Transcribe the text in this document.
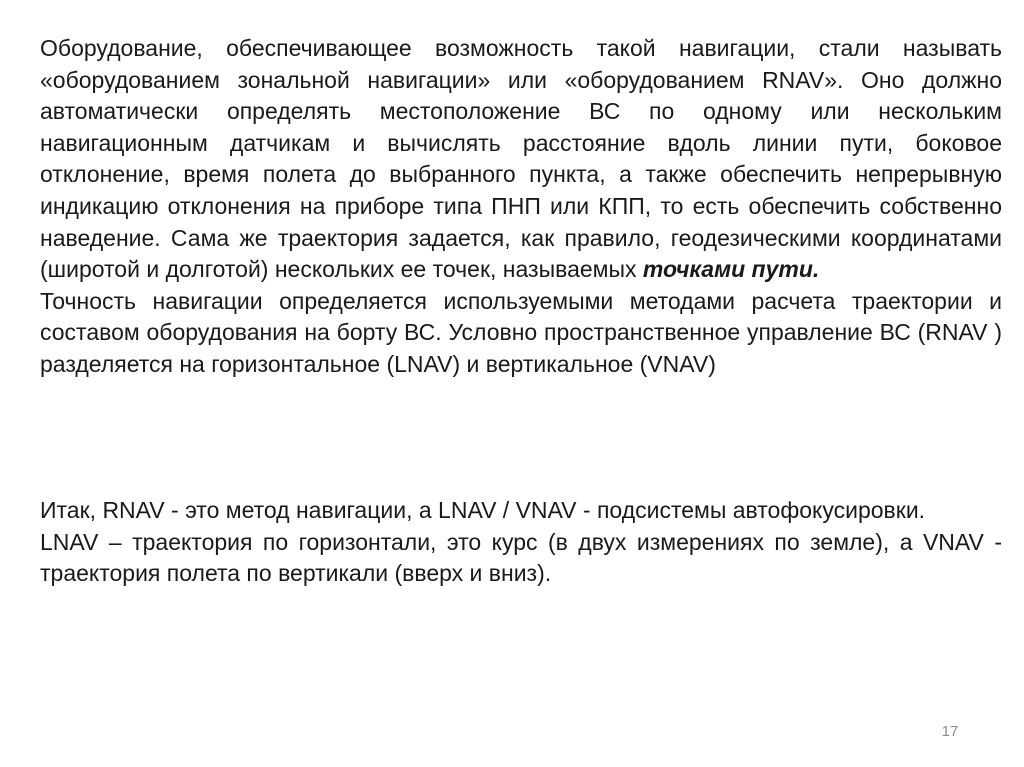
Оборудование, обеспечивающее возможность такой навигации, стали называть «оборудованием зональной навигации» или «оборудованием RNAV». Оно должно автоматически определять местоположение ВС по одному или нескольким навигационным датчикам и вычислять расстояние вдоль линии пути, боковое отклонение, время полета до выбранного пункта, а также обеспечить непрерывную индикацию отклонения на приборе типа ПНП или КПП, то есть обеспечить собственно наведение. Сама же траектория задается, как правило, геодезическими координатами (широтой и долготой) нескольких ее точек, называемых точками пути.

Точность навигации определяется используемыми методами расчета траектории и составом оборудования на борту ВС. Условно пространственное управление ВС (RNAV ) разделяется на горизонтальное (LNAV) и вертикальное (VNAV)

Итак, RNAV - это метод навигации, а LNAV / VNAV - подсистемы автофокусировки.

LNAV – траектория по горизонтали, это курс (в двух измерениях по земле), а VNAV - траектория полета по вертикали (вверх и вниз).

17
